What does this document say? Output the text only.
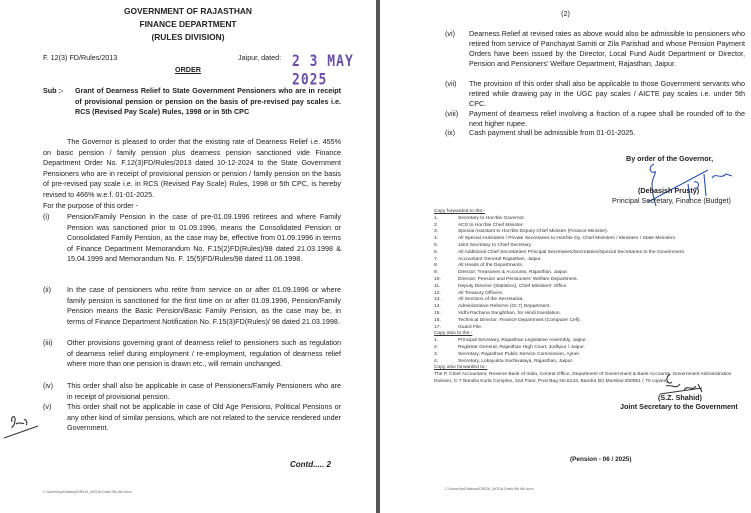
GOVERNMENT OF RAJASTHAN
FINANCE DEPARTMENT
(RULES DIVISION)
F. 12(3) FD/Rules/2013	Jaipur, dated: 2 3 MAY 2025
ORDER
Sub :- Grant of Dearness Relief to State Government Pensioners who are in receipt of provisional pension or pension on the basis of pre-revised pay scales i.e. RCS (Revised Pay Scale) Rules, 1998 or in 5th CPC
The Governor is pleased to order that the existing rate of Dearness Relief i.e. 455% on basic pension / family pension plus dearness pension sanctioned vide Finance Department Order No. F.12(3)FD/Rules/2013 dated 10-12-2024 to the State Government Pensioners who are in receipt of provisional pension or pension / family pension on the basis of pre-revised pay scale i.e. in RCS (Revised Pay Scale) Rules, 1998 or 5th CPC, is hereby revised to 466% w.e.f. 01-01-2025.
For the purpose of this order -
(i) Pension/Family Pension in the case of pre-01.09.1996 retirees and where Family Pension was sanctioned prior to 01.09.1996, means the Consolidated Pension or Consolidated Family Pension, as the case may be, effective from 01.09.1996 in terms of Finance Department Memorandum No. F.15(2)FD(Rules)/98 dated 21.03.1998 & 15.04.1999 and Memorandum No. F. 15(5)FD/Rules/98 dated 11.06.1998.
(ii) In the case of pensioners who retire from service on or after 01.09.1996 or where family pension is sanctioned for the first time on or after 01.09.1996, Pension/Family Pension means the Basic Pension/Basic Family Pension, as the case may be, in terms of Finance Department Notification No. F.15(3)FD(Rules)/ 98 dated 21.03.1998.
(iii) Other provisions governing grant of dearness relief to pensioners such as regulation of dearness relief during employment / re-employment, regulation of dearness relief where more than one pension is drawn etc., will remain unchanged.
(iv) This order shall also be applicable in case of Pensioners/Family Pensioners who are in receipt of provisional pension.
(v) This order shall not be applicable in case of Old Age Pensions, Political Pensions or any other kind of similar pensions, which are not related to the service rendered under Government.
Contd..... 2
C:\Users\hp\Desktop\DR\DA_MODA Order 5th 6th.docx
(2)
(vi) Dearness Relief at revised rates as above would also be admissible to pensioners who retired from service of Panchayat Samiti or Zila Parishad and whose Pension Payment Orders have been issued by the Director, Local Fund Audit Department or Director, Pension and Pensioners' Welfare Department, Rajasthan, Jaipur.
(vii) The provision of this order shall also be applicable to those Government servants who retired while drawing pay in the UGC pay scales / AICTE pay scales i.e. under 5th CPC.
(viii) Payment of dearness relief involving a fraction of a rupee shall be rounded off to the next higher rupee.
(ix) Cash payment shall be admissible from 01-01-2025.
By order of the Governor,
(Debasish Prusty)
Principal Secretary, Finance (Budget)
Copy forwarded to the:-
1.	Secretary to Hon'ble Governor.
2.	ACS to Hon'ble Chief Minister.
3.	Special Assistant to Hon'ble Deputy Chief Minister (Finance Minister).
4.	All Special Assistants / Private Secretaries to Hon'ble Dy. Chief Ministers / Ministers / State Ministers.
5.	Joint Secretary to Chief Secretary.
6.	All Additional Chief Secretaries/ Principal Secretaries/Secretaries/Special Secretaries to the Government.
7.	Accountant General Rajasthan, Jaipur.
8.	All Heads of the Departments.
9.	Director, Treasuries & Accounts, Rajasthan, Jaipur.
10.	Director, Pension and Pensioners' Welfare Department.
11.	Deputy Director (Statistics), Chief Ministers' Office.
12.	All Treasury Officers.
13.	All Sections of the Secretariat.
14.	Administrative Reforms (Gr.7) Department.
15.	Vidhi Rachana Sanghthan, for Hindi translation.
16.	Technical Director, Finance Department (Computer Cell).
17.	Guard File.
Copy also to the:-
1.	Principal Secretary, Rajasthan Legislative Assembly, Jaipur.
2.	Registrar General, Rajasthan High Court, Jodhpur / Jaipur.
3.	Secretary, Rajasthan Public Service Commission, Ajmer.
4.	Secretary, Lokayukta Sachivalaya, Rajasthan, Jaipur.
Copy also forwarded to:-
The P. Chief Accountant, Reserve Bank of India, Central Office, Department of Government & Bank Accounts, Government Administration Division, C-7 Bandra Kurla Complex, 2nd Floor, Post Bag No.8143, Bandra (E) Mumbai-400051 ( 70 copies).
(S.Z. Shahid)
Joint Secretary to the Government
(Pension - 06 / 2025)
C:\Users\hp\Desktop\DR\DA_MODA Order 5th 6th.docx
